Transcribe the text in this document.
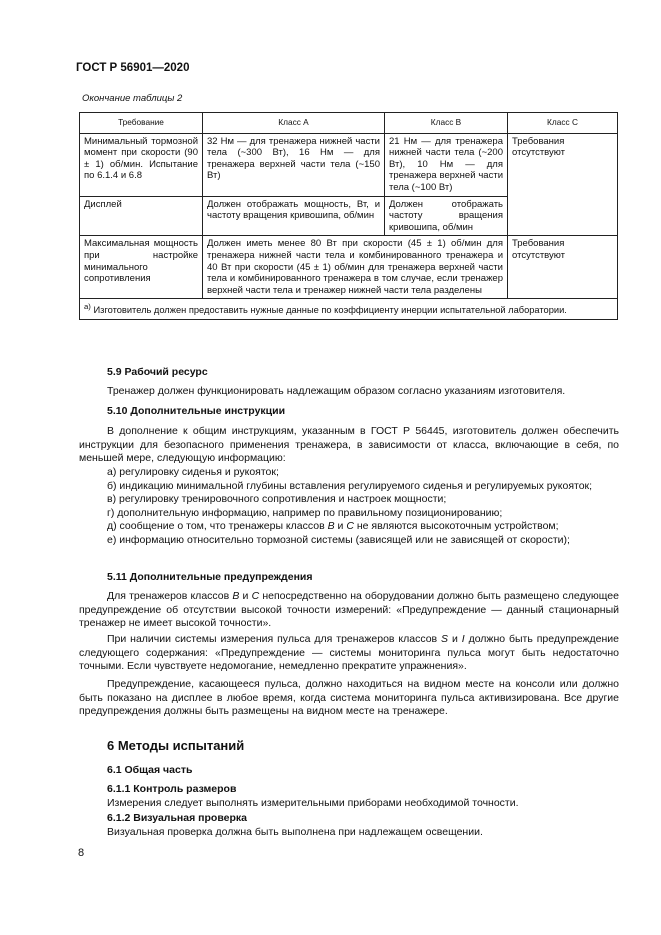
ГОСТ Р 56901—2020
Окончание таблицы 2
Требование	Класс A	Класс B	Класс C
Минимальный тормозной момент при скорости (90 ± 1) об/мин. Испытание по 6.1.4 и 6.8	32 Нм — для тренажера нижней части тела (~300 Вт), 16 Нм — для тренажера верхней части тела (~150 Вт)	21 Нм — для тренажера нижней части тела (~200 Вт), 10 Нм — для тренажера верхней части тела (~100 Вт)	Требования отсутствуют
Дисплей	Должен отображать мощность, Вт, и частоту вращения кривошипа, об/мин	Должен отображать частоту вращения кривошипа, об/мин	
Максимальная мощность при настройке минимального сопротивления	Должен иметь менее 80 Вт при скорости (45 ± 1) об/мин для тренажера нижней части тела и комбинированного тренажера и 40 Вт при скорости (45 ± 1) об/мин для тренажера верхней части тела и комбинированного тренажера в том случае, если тренажер верхней части тела и тренажер нижней части тела разделены		Требования отсутствуют
$^{а)}$ Изготовитель должен предоставить нужные данные по коэффициенту инерции испытательной лаборатории.			
5.9 Рабочий ресурс
Тренажер должен функционировать надлежащим образом согласно указаниям изготовителя.
5.10 Дополнительные инструкции
В дополнение к общим инструкциям, указанным в ГОСТ Р 56445, изготовитель должен обеспечить инструкции для безопасного применения тренажера, в зависимости от класса, включающие в себя, по меньшей мере, следующую информацию:
а) регулировку сиденья и рукояток;
б) индикацию минимальной глубины вставления регулируемого сиденья и регулируемых рукояток;
в) регулировку тренировочного сопротивления и настроек мощности;
г) дополнительную информацию, например по правильному позиционированию;
д) сообщение о том, что тренажеры классов В и С не являются высокоточным устройством;
е) информацию относительно тормозной системы (зависящей или не зависящей от скорости);
5.11 Дополнительные предупреждения
Для тренажеров классов В и С непосредственно на оборудовании должно быть размещено следующее предупреждение об отсутствии высокой точности измерений: «Предупреждение — данный стационарный тренажер не имеет высокой точности».
При наличии системы измерения пульса для тренажеров классов S и I должно быть предупреждение следующего содержания: «Предупреждение — системы мониторинга пульса могут быть недостаточно точными. Если чувствуете недомогание, немедленно прекратите упражнения».
Предупреждение, касающееся пульса, должно находиться на видном месте на консоли или должно быть показано на дисплее в любое время, когда система мониторинга пульса активизирована. Все другие предупреждения должны быть размещены на видном месте на тренажере.
6 Методы испытаний
6.1 Общая часть
6.1.1 Контроль размеров
Измерения следует выполнять измерительными приборами необходимой точности.
6.1.2 Визуальная проверка
Визуальная проверка должна быть выполнена при надлежащем освещении.
8
